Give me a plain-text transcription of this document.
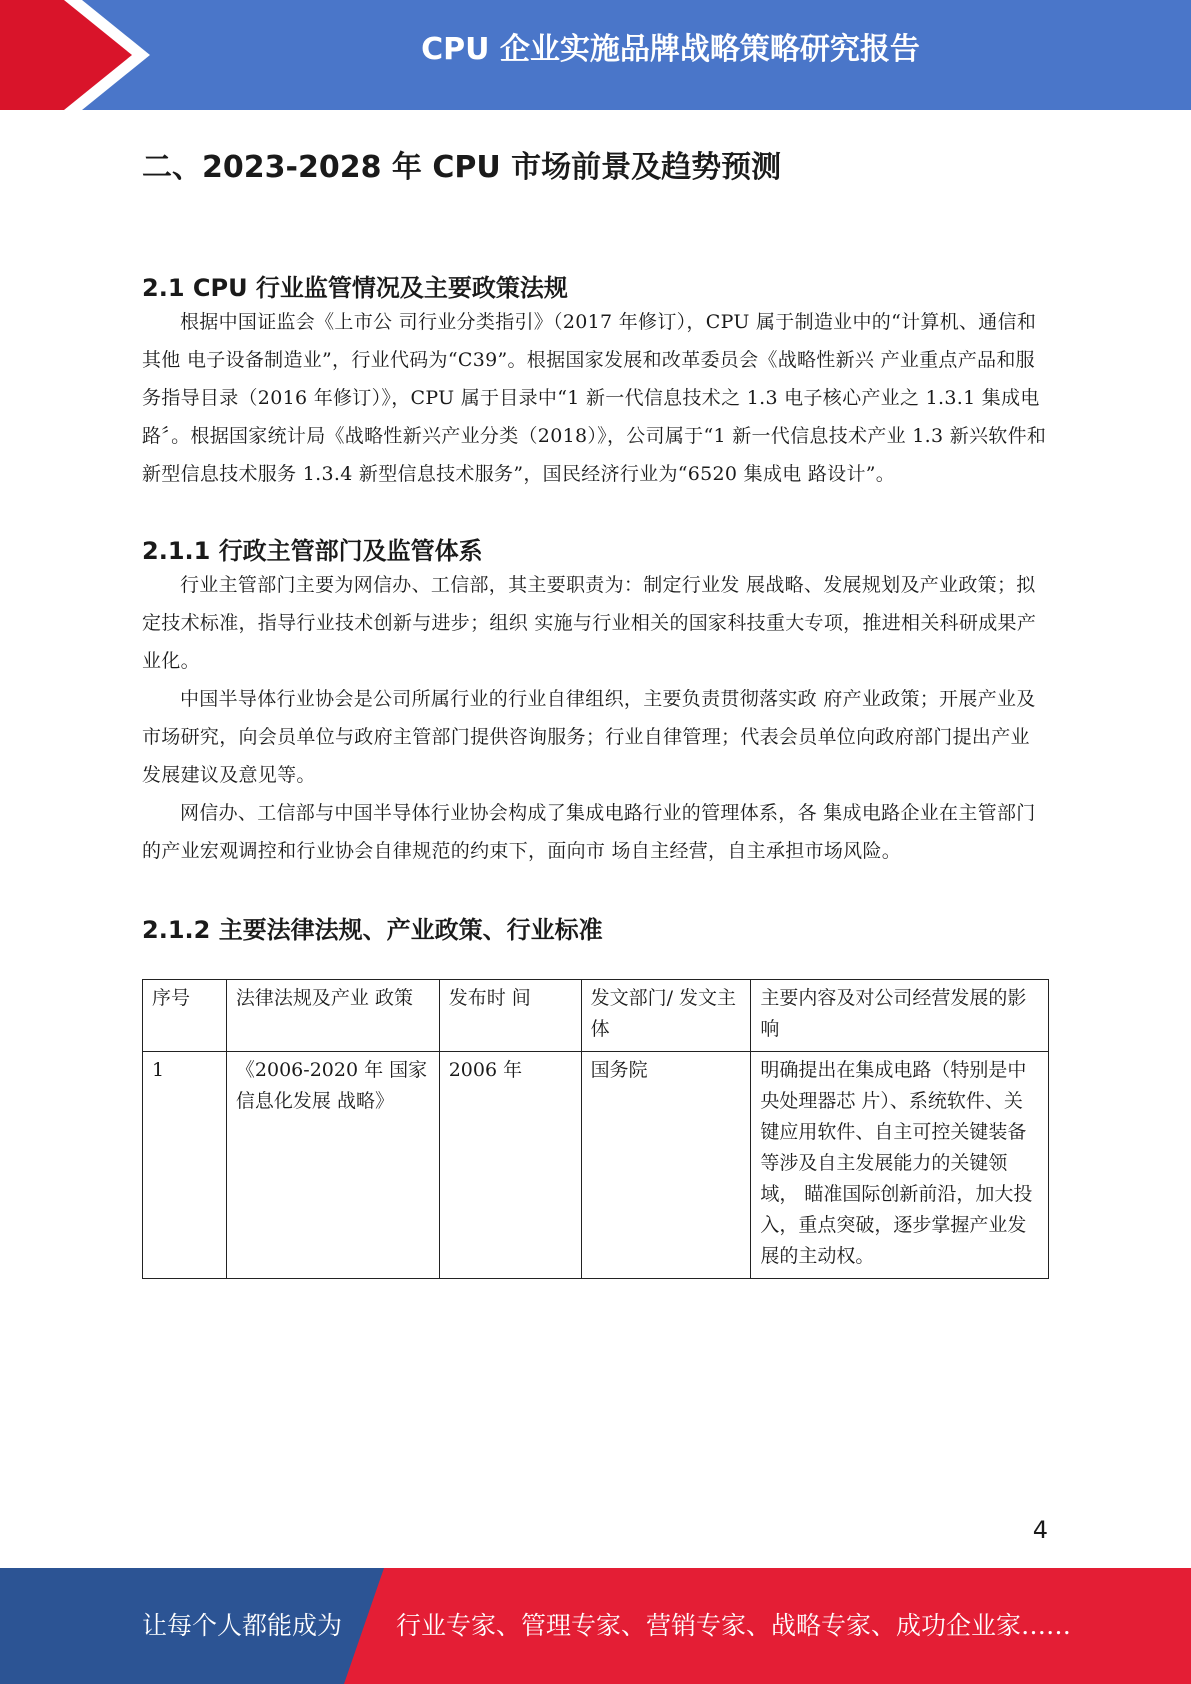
CPU 企业实施品牌战略策略研究报告
二、2023-2028 年 CPU 市场前景及趋势预测
2.1 CPU 行业监管情况及主要政策法规

根据中国证监会《上市公 司行业分类指引》（2017 年修订），CPU 属于制造业中的“计算机、通信和其他 电子设备制造业”，行业代码为“C39”。根据国家发展和改革委员会《战略性新兴 产业重点产品和服务指导目录（2016 年修订）》，CPU 属于目录中“1 新一代信息技术之 1.3 电子核心产业之 1.3.1 集成电路〞。根据国家统计局《战略性新兴产业分类（2018）》，公司属于“1 新一代信息技术产业 1.3 新兴软件和 新型信息技术服务 1.3.4 新型信息技术服务”，国民经济行业为“6520 集成电 路设计”。

2.1.1 行政主管部门及监管体系

行业主管部门主要为网信办、工信部，其主要职责为：制定行业发 展战略、发展规划及产业政策；拟定技术标准，指导行业技术创新与进步；组织 实施与行业相关的国家科技重大专项，推进相关科研成果产业化。

中国半导体行业协会是公司所属行业的行业自律组织，主要负责贯彻落实政 府产业政策；开展产业及市场研究，向会员单位与政府主管部门提供咨询服务；行业自律管理；代表会员单位向政府部门提出产业发展建议及意见等。

网信办、工信部与中国半导体行业协会构成了集成电路行业的管理体系，各 集成电路企业在主管部门的产业宏观调控和行业协会自律规范的约束下，面向市 场自主经营，自主承担市场风险。

2.1.2 主要法律法规、产业政策、行业标准
序号	法律法规及产业 政策	发布时 间	发文部门/ 发文主体	主要内容及对公司经营发展的影响
1	《2006-2020 年 国家信息化发展 战略》	2006 年	国务院	明确提出在集成电路（特别是中央处理器芯 片）、系统软件、关键应用软件、自主可控关键装备等涉及自主发展能力的关键领域， 瞄准国际创新前沿，加大投入，重点突破，逐步掌握产业发展的主动权。
4
让每个人都能成为 行业专家、管理专家、营销专家、战略专家、成功企业家……
